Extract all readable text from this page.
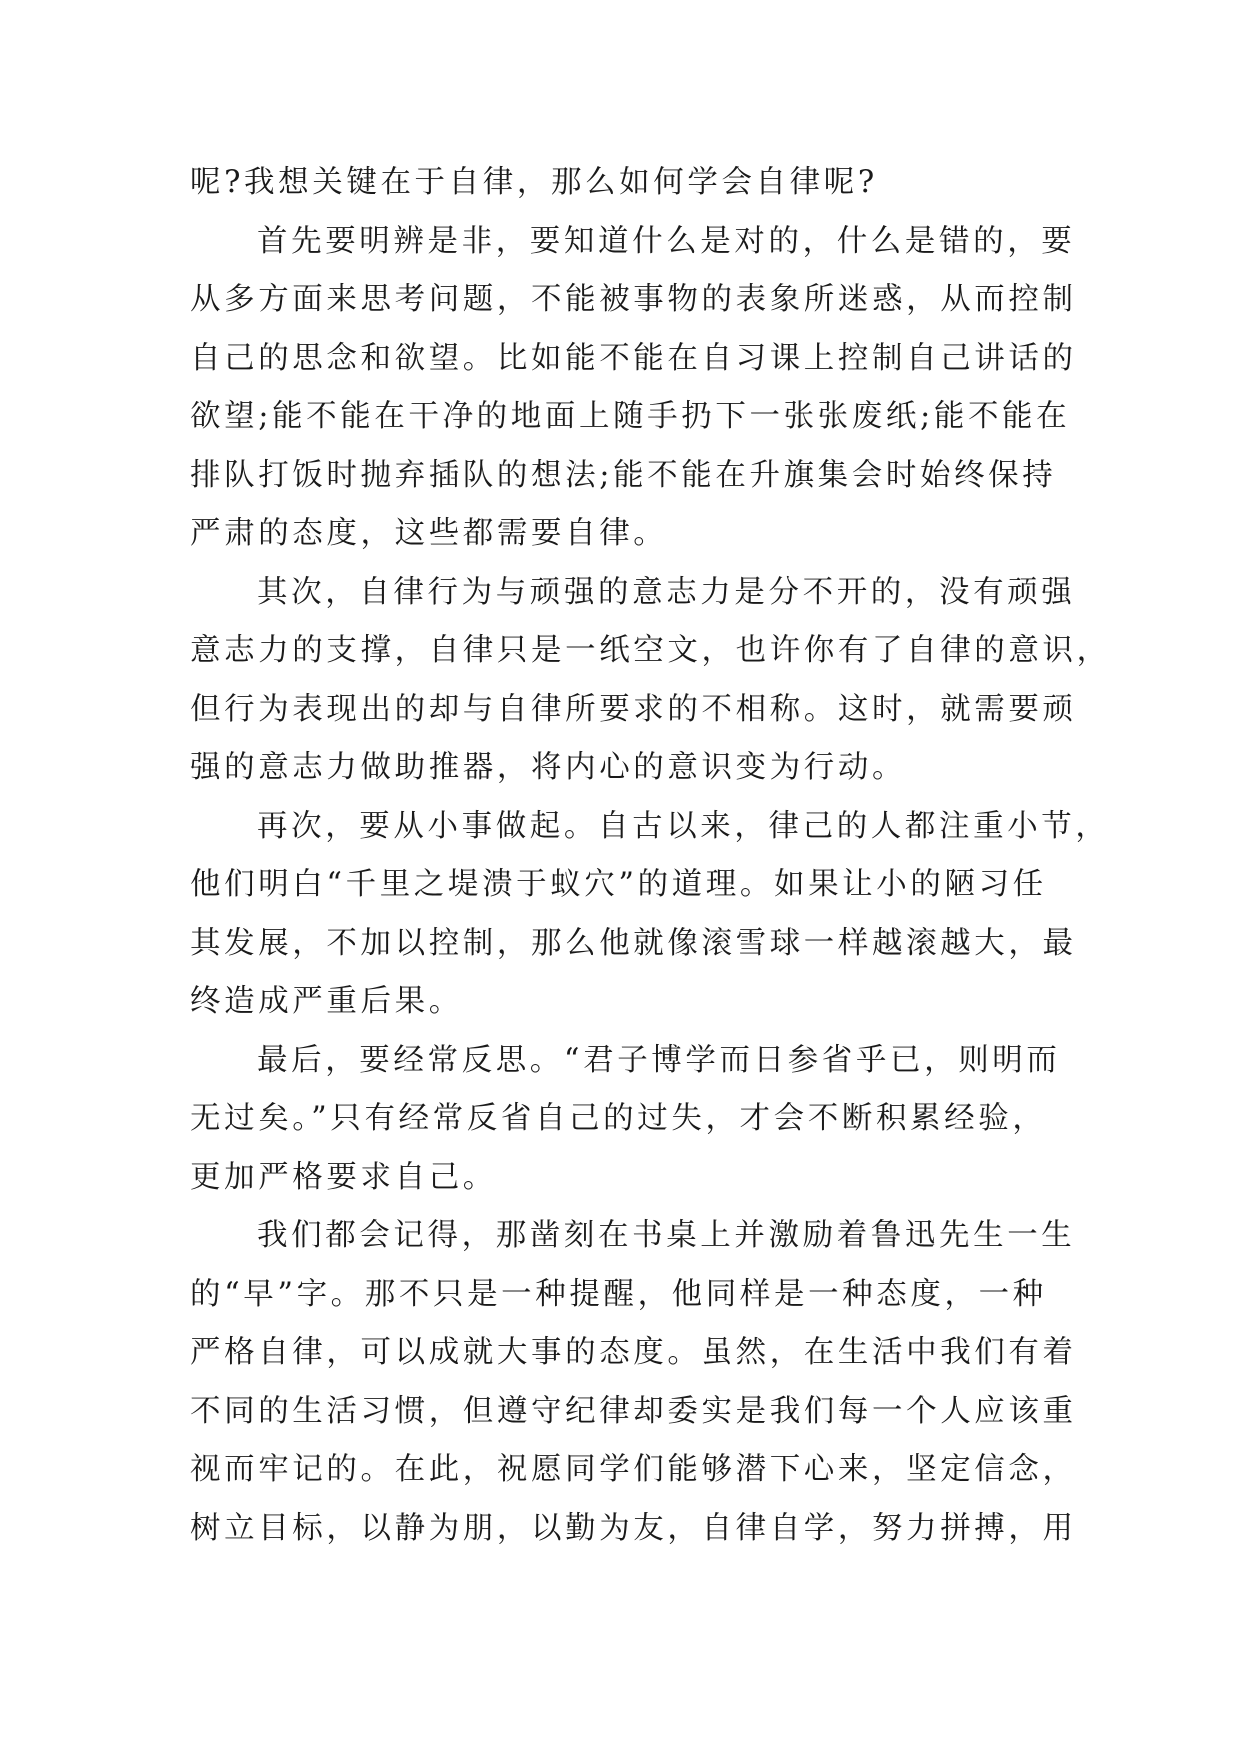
呢?我想关键在于自律，那么如何学会自律呢?
首先要明辨是非，要知道什么是对的，什么是错的，要
从多方面来思考问题，不能被事物的表象所迷惑，从而控制
自己的思念和欲望。比如能不能在自习课上控制自己讲话的
欲望;能不能在干净的地面上随手扔下一张张废纸;能不能在
排队打饭时抛弃插队的想法;能不能在升旗集会时始终保持
严肃的态度，这些都需要自律。
其次，自律行为与顽强的意志力是分不开的，没有顽强
意志力的支撑，自律只是一纸空文，也许你有了自律的意识，
但行为表现出的却与自律所要求的不相称。这时，就需要顽
强的意志力做助推器，将内心的意识变为行动。
再次，要从小事做起。自古以来，律己的人都注重小节，
他们明白“千里之堤溃于蚁穴”的道理。如果让小的陋习任
其发展，不加以控制，那么他就像滚雪球一样越滚越大，最
终造成严重后果。
最后，要经常反思。“君子博学而日参省乎已，则明而
无过矣。”只有经常反省自己的过失，才会不断积累经验，
更加严格要求自己。
我们都会记得，那凿刻在书桌上并激励着鲁迅先生一生
的“早”字。那不只是一种提醒，他同样是一种态度，一种
严格自律，可以成就大事的态度。虽然，在生活中我们有着
不同的生活习惯，但遵守纪律却委实是我们每一个人应该重
视而牢记的。在此，祝愿同学们能够潜下心来，坚定信念，
树立目标，以静为朋，以勤为友，自律自学，努力拼搏，用
